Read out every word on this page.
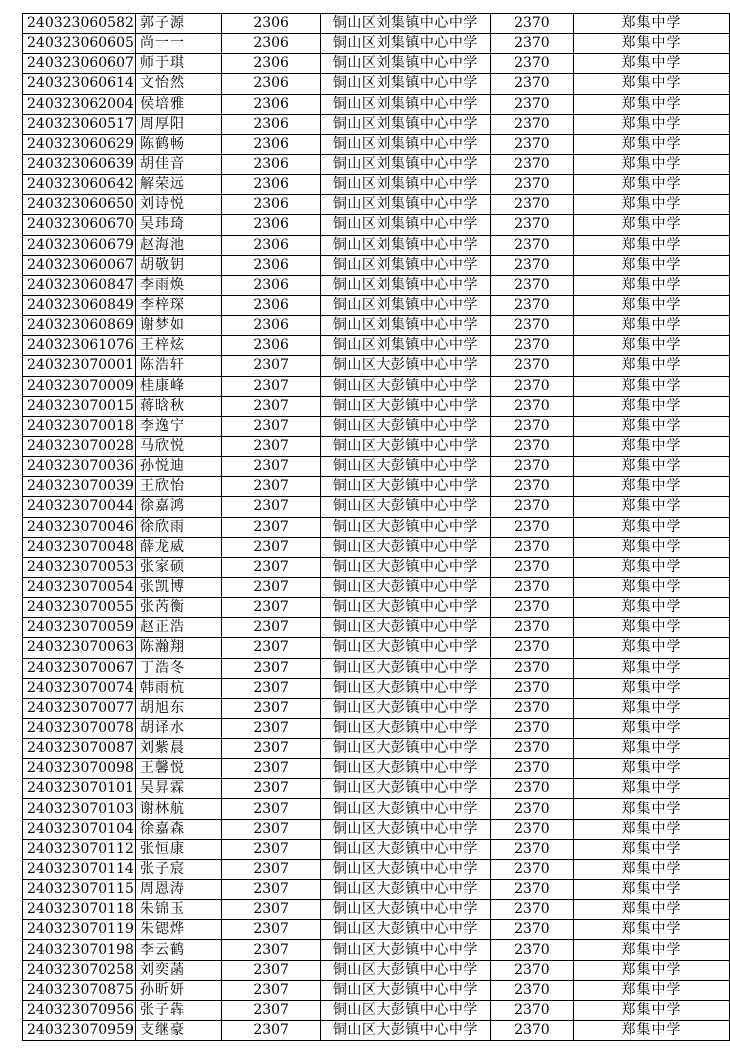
240323060582	郭子源	2306	铜山区刘集镇中心中学	2370	郑集中学
240323060605	尚一一	2306	铜山区刘集镇中心中学	2370	郑集中学
240323060607	师于琪	2306	铜山区刘集镇中心中学	2370	郑集中学
240323060614	文怡然	2306	铜山区刘集镇中心中学	2370	郑集中学
240323062004	侯培雅	2306	铜山区刘集镇中心中学	2370	郑集中学
240323060517	周厚阳	2306	铜山区刘集镇中心中学	2370	郑集中学
240323060629	陈鹤畅	2306	铜山区刘集镇中心中学	2370	郑集中学
240323060639	胡佳音	2306	铜山区刘集镇中心中学	2370	郑集中学
240323060642	解荣远	2306	铜山区刘集镇中心中学	2370	郑集中学
240323060650	刘诗悦	2306	铜山区刘集镇中心中学	2370	郑集中学
240323060670	吴玮琦	2306	铜山区刘集镇中心中学	2370	郑集中学
240323060679	赵海池	2306	铜山区刘集镇中心中学	2370	郑集中学
240323060067	胡敬钥	2306	铜山区刘集镇中心中学	2370	郑集中学
240323060847	李雨焕	2306	铜山区刘集镇中心中学	2370	郑集中学
240323060849	李梓琛	2306	铜山区刘集镇中心中学	2370	郑集中学
240323060869	谢梦如	2306	铜山区刘集镇中心中学	2370	郑集中学
240323061076	王梓炫	2306	铜山区刘集镇中心中学	2370	郑集中学
240323070001	陈浩轩	2307	铜山区大彭镇中心中学	2370	郑集中学
240323070009	桂康峰	2307	铜山区大彭镇中心中学	2370	郑集中学
240323070015	蒋晗秋	2307	铜山区大彭镇中心中学	2370	郑集中学
240323070018	李逸宁	2307	铜山区大彭镇中心中学	2370	郑集中学
240323070028	马欣悦	2307	铜山区大彭镇中心中学	2370	郑集中学
240323070036	孙悦迪	2307	铜山区大彭镇中心中学	2370	郑集中学
240323070039	王欣怡	2307	铜山区大彭镇中心中学	2370	郑集中学
240323070044	徐嘉鸿	2307	铜山区大彭镇中心中学	2370	郑集中学
240323070046	徐欣雨	2307	铜山区大彭镇中心中学	2370	郑集中学
240323070048	薛龙威	2307	铜山区大彭镇中心中学	2370	郑集中学
240323070053	张家硕	2307	铜山区大彭镇中心中学	2370	郑集中学
240323070054	张凯博	2307	铜山区大彭镇中心中学	2370	郑集中学
240323070055	张芮衡	2307	铜山区大彭镇中心中学	2370	郑集中学
240323070059	赵正浩	2307	铜山区大彭镇中心中学	2370	郑集中学
240323070063	陈瀚翔	2307	铜山区大彭镇中心中学	2370	郑集中学
240323070067	丁浩冬	2307	铜山区大彭镇中心中学	2370	郑集中学
240323070074	韩雨杭	2307	铜山区大彭镇中心中学	2370	郑集中学
240323070077	胡旭东	2307	铜山区大彭镇中心中学	2370	郑集中学
240323070078	胡译水	2307	铜山区大彭镇中心中学	2370	郑集中学
240323070087	刘紫晨	2307	铜山区大彭镇中心中学	2370	郑集中学
240323070098	王馨悦	2307	铜山区大彭镇中心中学	2370	郑集中学
240323070101	吴昇霖	2307	铜山区大彭镇中心中学	2370	郑集中学
240323070103	谢林航	2307	铜山区大彭镇中心中学	2370	郑集中学
240323070104	徐嘉森	2307	铜山区大彭镇中心中学	2370	郑集中学
240323070112	张恒康	2307	铜山区大彭镇中心中学	2370	郑集中学
240323070114	张子宸	2307	铜山区大彭镇中心中学	2370	郑集中学
240323070115	周恩涛	2307	铜山区大彭镇中心中学	2370	郑集中学
240323070118	朱锦玉	2307	铜山区大彭镇中心中学	2370	郑集中学
240323070119	朱锶烨	2307	铜山区大彭镇中心中学	2370	郑集中学
240323070198	李云鹤	2307	铜山区大彭镇中心中学	2370	郑集中学
240323070258	刘奕菡	2307	铜山区大彭镇中心中学	2370	郑集中学
240323070875	孙昕妍	2307	铜山区大彭镇中心中学	2370	郑集中学
240323070956	张子犇	2307	铜山区大彭镇中心中学	2370	郑集中学
240323070959	支继豪	2307	铜山区大彭镇中心中学	2370	郑集中学
